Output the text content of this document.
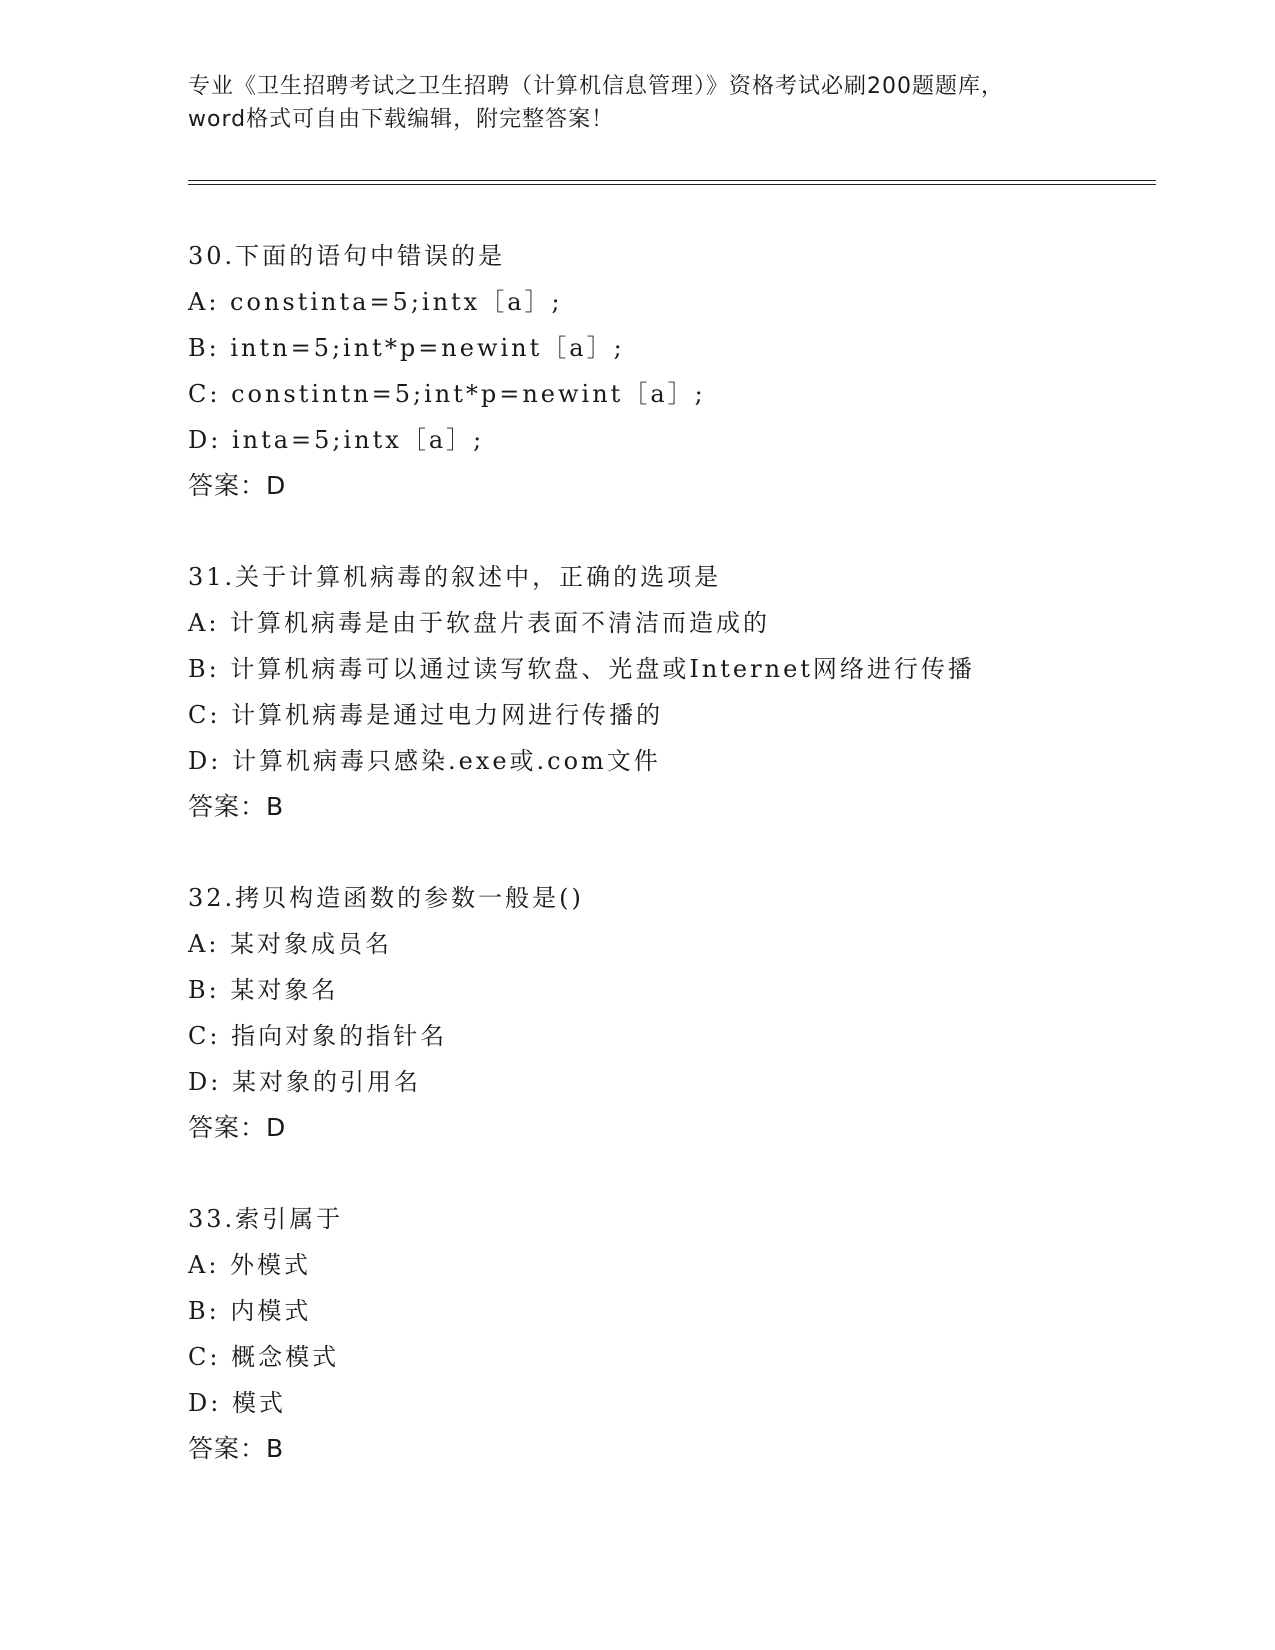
专业《卫生招聘考试之卫生招聘（计算机信息管理）》资格考试必刷200题题库，
word格式可自由下载编辑，附完整答案！
30.下面的语句中错误的是
A: constinta=5;intx［a］;
B: intn=5;int*p=newint［a］;
C: constintn=5;int*p=newint［a］;
D: inta=5;intx［a］;
答案：D
31.关于计算机病毒的叙述中，正确的选项是
A: 计算机病毒是由于软盘片表面不清洁而造成的
B: 计算机病毒可以通过读写软盘、光盘或Internet网络进行传播
C: 计算机病毒是通过电力网进行传播的
D: 计算机病毒只感染.exe或.com文件
答案：B
32.拷贝构造函数的参数一般是()
A: 某对象成员名
B: 某对象名
C: 指向对象的指针名
D: 某对象的引用名
答案：D
33.索引属于
A: 外模式
B: 内模式
C: 概念模式
D: 模式
答案：B
